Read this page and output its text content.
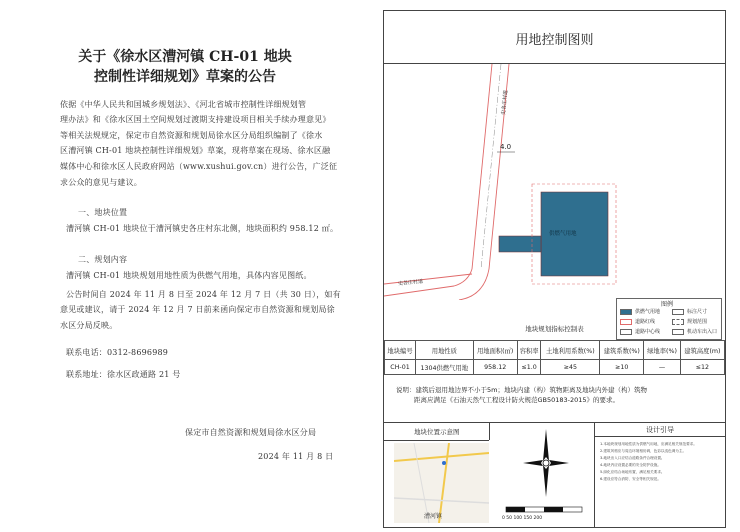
关于《徐水区漕河镇 CH-01 地块
控制性详细规划》草案的公告
依据《中华人民共和国城乡规划法》、《河北省城市控制性详细规划管
理办法》和《徐水区国土空间规划过渡期支持建设项目相关手续办理意见》
等相关法规规定，保定市自然资源和规划局徐水区分局组织编制了《徐水
区漕河镇 CH-01 地块控制性详细规划》草案，现将草案在现场、徐水区融
媒体中心和徐水区人民政府网站（www.xushui.gov.cn）进行公告，广泛征
求公众的意见与建议。
一、地块位置
漕河镇 CH-01 地块位于漕河镇史各庄村东北侧，地块面积约 958.12 ㎡。
二、规划内容
漕河镇 CH-01 地块规划用地性质为供燃气用地，具体内容见图纸。
公告时间自 2024 年 11 月 8 日至 2024 年 12 月 7 日（共 30 日），如有
意见或建议，请于 2024 年 12 月 7 日前来函向保定市自然资源和规划局徐
水区分局反映。
联系电话：0312-8696989
联系地址：徐水区政通路 21 号
保定市自然资源和规划局徐水区分局
2024 年 11 月 8 日
用地控制图则
史各庄村道
4.0
供燃气用地
史各庄村道
图例
供燃气用地	标注尺寸
道路红线	规划范围
道路中心线	机动车出入口
地块规划指标控制表
地块编号	用地性质	用地面积(㎡)	容积率	土地利用系数(%)	建筑系数(%)	绿地率(%)	建筑高度(m)
CH-01	1304供燃气用地	958.12	≤1.0	≥45	≥10	—	≤12
说明：建筑后退用地边界不小于5m；地块内建（构）筑物距离及地块内外建（构）筑物
距离应满足《石油天然气工程设计防火规范GB50183-2015》的要求。
地块位置示意图
漕河镇	0 50 100 150 200
设计引导
1.本地块规划用地性质为供燃气用地，应满足相关规范要求。
2.建筑风格应与周边环境相协调，色彩以浅色调为主。
3.地块出入口应结合道路条件合理设置。
4.地块内应设置必要的安全防护设施。
5.绿化应结合场地布置，满足相关要求。
6.建设应符合消防、安全等相关规范。
